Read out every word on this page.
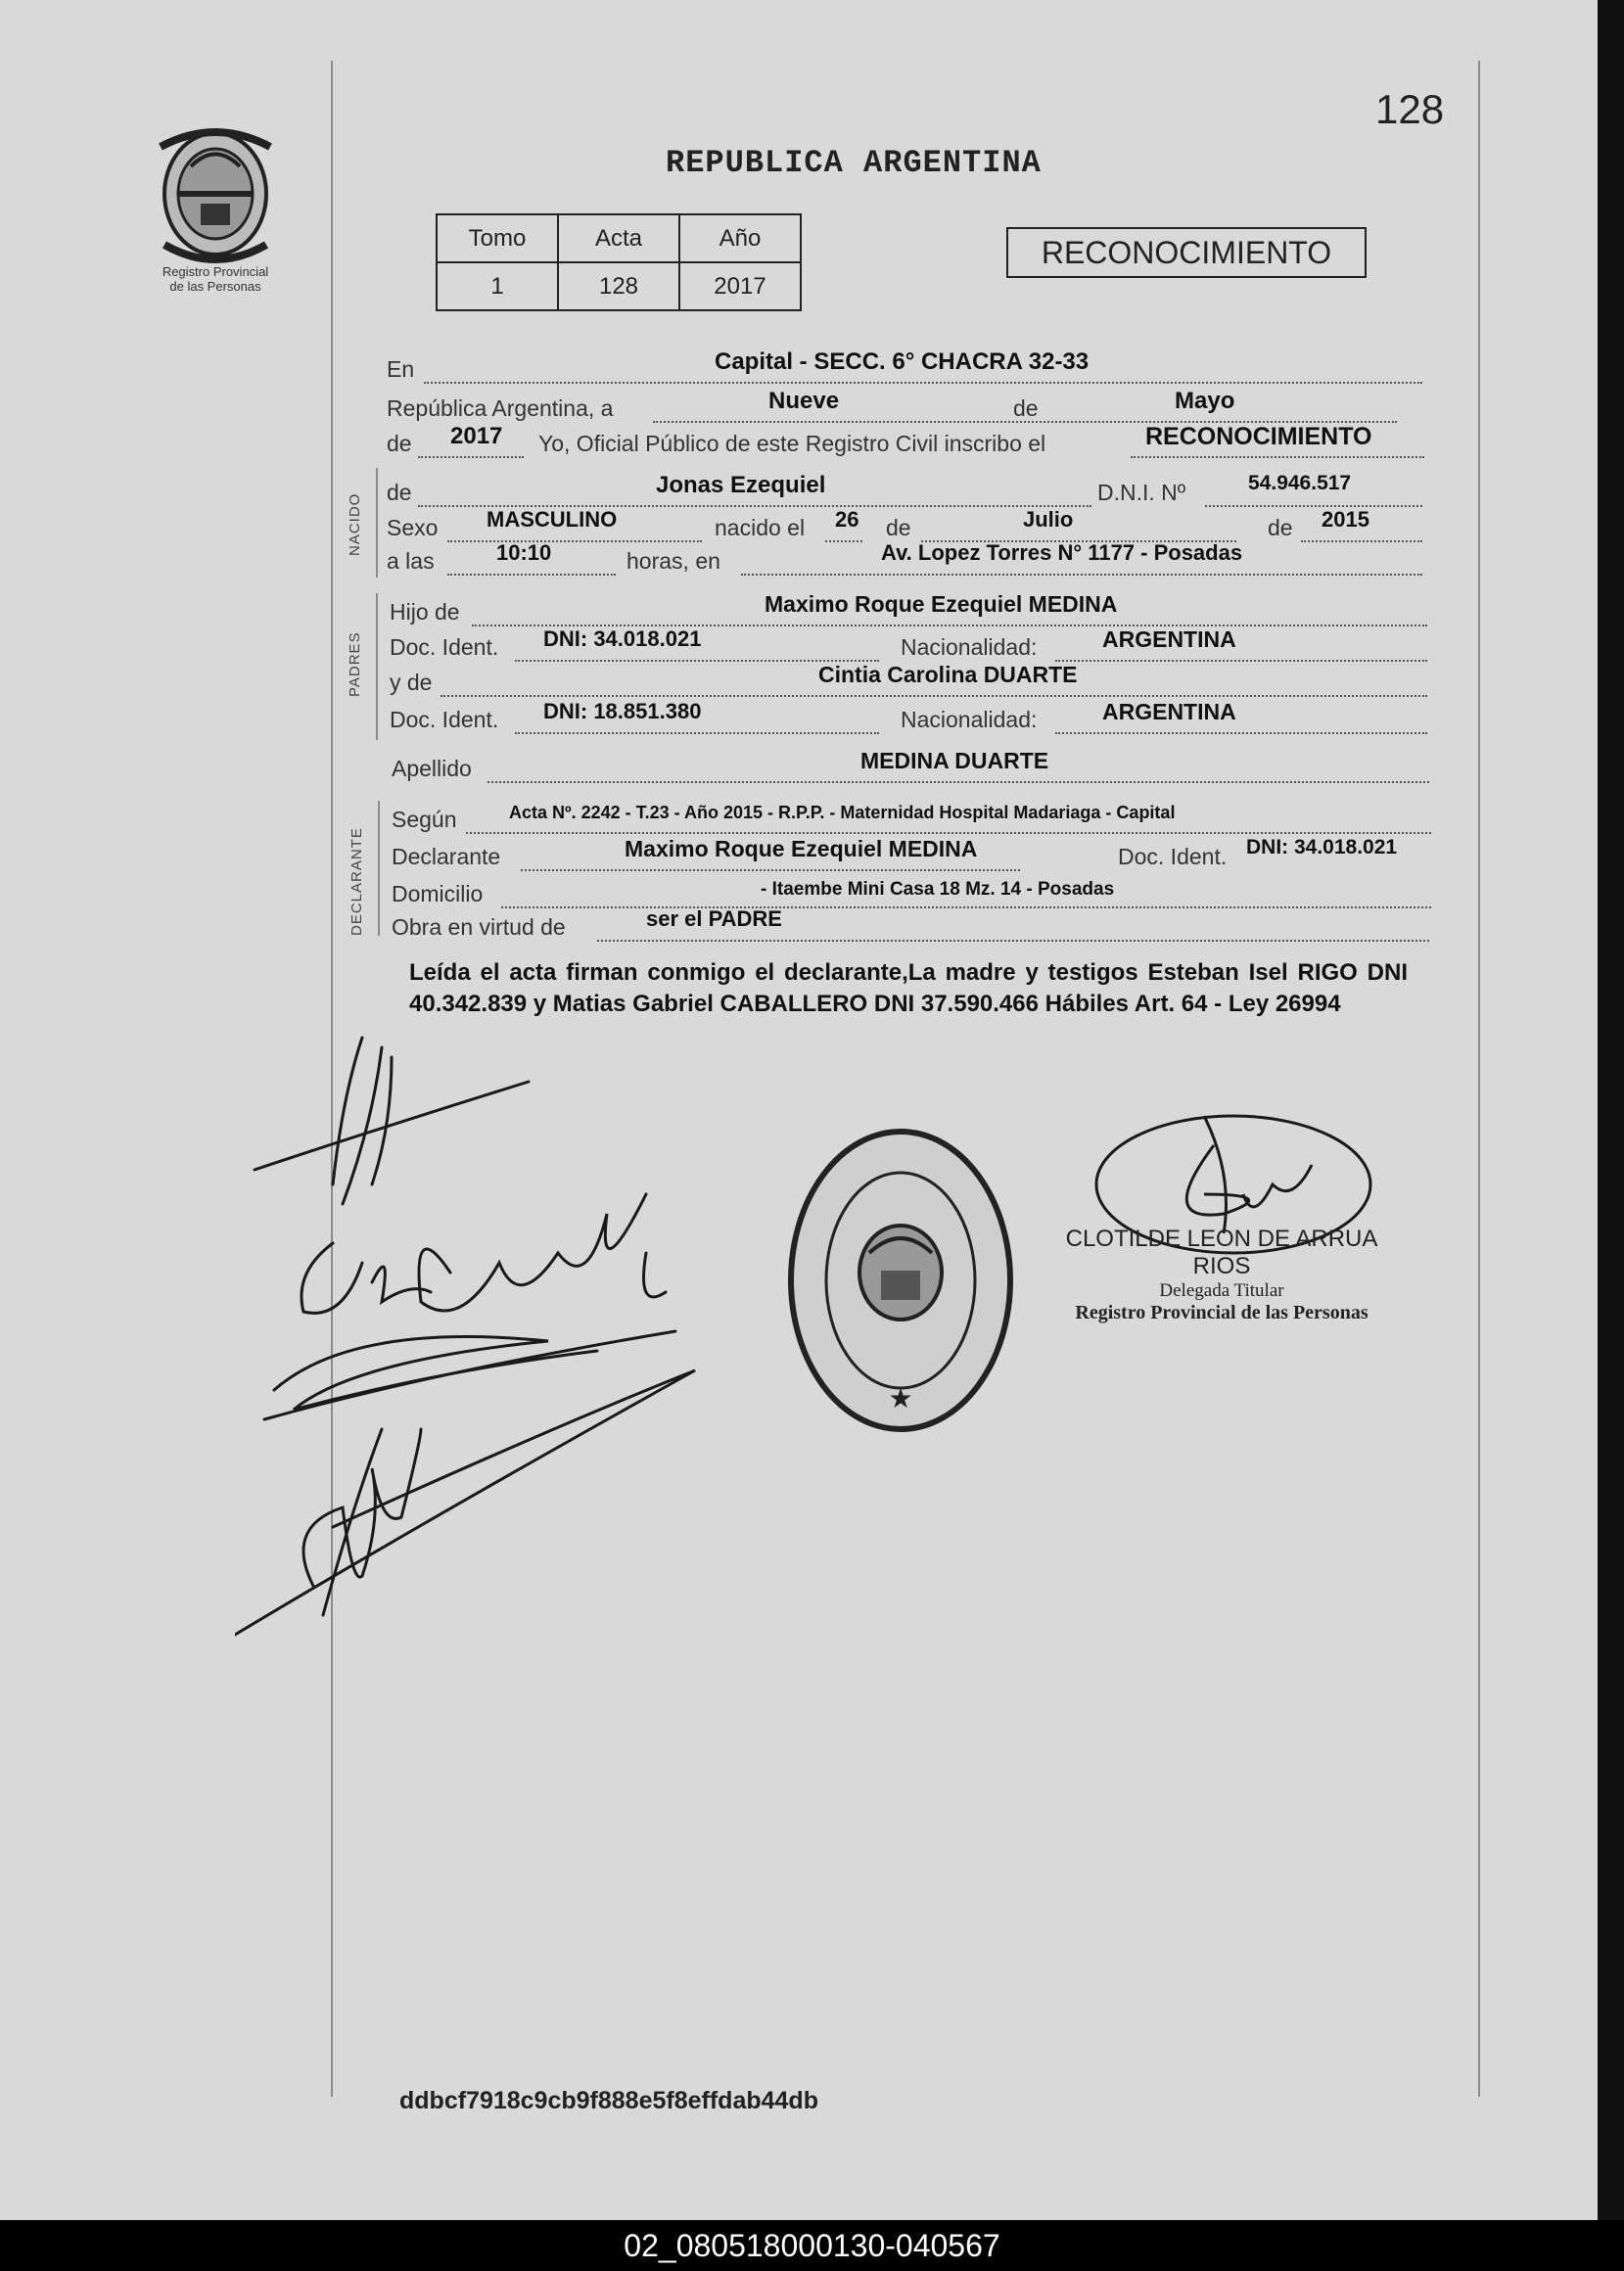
Registro Provincial
de las Personas
128
REPUBLICA ARGENTINA
Tomo	Acta	Año
1	128	2017
RECONOCIMIENTO
En	Capital - SECC. 6° CHACRA 32-33
República Argentina, a	Nueve	de	Mayo
de 2017 Yo, Oficial Público de este Registro Civil inscribo el	RECONOCIMIENTO
NACIDO
de	Jonas Ezequiel	D.N.I. Nº	54.946.517
Sexo MASCULINO	nacido el 26 de	Julio	de 2015
a las	10:10	horas, en	Av. Lopez Torres N° 1177 - Posadas
PADRES
Hijo de	Maximo Roque Ezequiel MEDINA
Doc. Ident. DNI: 34.018.021	Nacionalidad:	ARGENTINA
y de	Cintia Carolina DUARTE
Doc. Ident. DNI: 18.851.380	Nacionalidad:	ARGENTINA
Apellido	MEDINA DUARTE
DECLARANTE
Según	Acta Nº. 2242 - T.23 - Año 2015 - R.P.P. - Maternidad Hospital Madariaga - Capital
Declarante	Maximo Roque Ezequiel MEDINA	Doc. Ident. DNI: 34.018.021
Domicilio	- Itaembe Mini Casa 18 Mz. 14 - Posadas
Obra en virtud de	ser el PADRE
Leída el acta firman conmigo el declarante,La madre y testigos Esteban Isel RIGO DNI 40.342.839 y Matias Gabriel CABALLERO DNI 37.590.466 Hábiles Art. 64 - Ley 26994
★
CLOTILDE LEON DE ARRUA RIOS
Delegada Titular
Registro Provincial de las Personas
ddbcf7918c9cb9f888e5f8effdab44db
02_080518000130-040567
